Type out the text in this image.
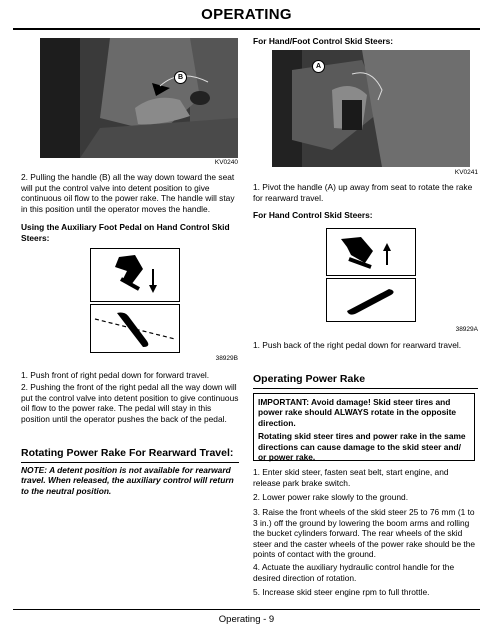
OPERATING
B
KV0240
2. Pulling the handle (B) all the way down toward the seat will put the control valve into detent position to give continuous oil flow to the power rake. The handle will stay in this position until the operator moves the handle.
Using the Auxiliary Foot Pedal on Hand Control Skid Steers:
38929B
1. Push front of right pedal down for forward travel.
2. Pushing the front of the right pedal all the way down will put the control valve into detent position to give continuous oil flow to the power rake. The pedal will stay in this position until the operator pushes the back of the pedal.
Rotating Power Rake For Rearward Travel:
NOTE: A detent position is not available for rearward travel. When released, the auxiliary control will return to the neutral position.
For Hand/Foot Control Skid Steers:
A
KV0241
1. Pivot the handle (A) up away from seat to rotate the rake for rearward travel.
For Hand Control Skid Steers:
38929A
1. Push back of the right pedal down for rearward travel.
Operating Power Rake

IMPORTANT: Avoid damage! Skid steer tires and power rake should ALWAYS rotate in the opposite direction.

Rotating skid steer tires and power rake in the same directions can cause damage to the skid steer and/ or power rake.

1. Enter skid steer, fasten seat belt, start engine, and release park brake switch.
2. Lower power rake slowly to the ground.
3. Raise the front wheels of the skid steer 25 to 76 mm (1 to 3 in.) off the ground by lowering the boom arms and rolling the bucket cylinders forward. The rear wheels of the skid steer and the caster wheels of the power rake should be the points of contact with the ground.
4. Actuate the auxiliary hydraulic control handle for the desired direction of rotation.
5. Increase skid steer engine rpm to full throttle.
Operating - 9
